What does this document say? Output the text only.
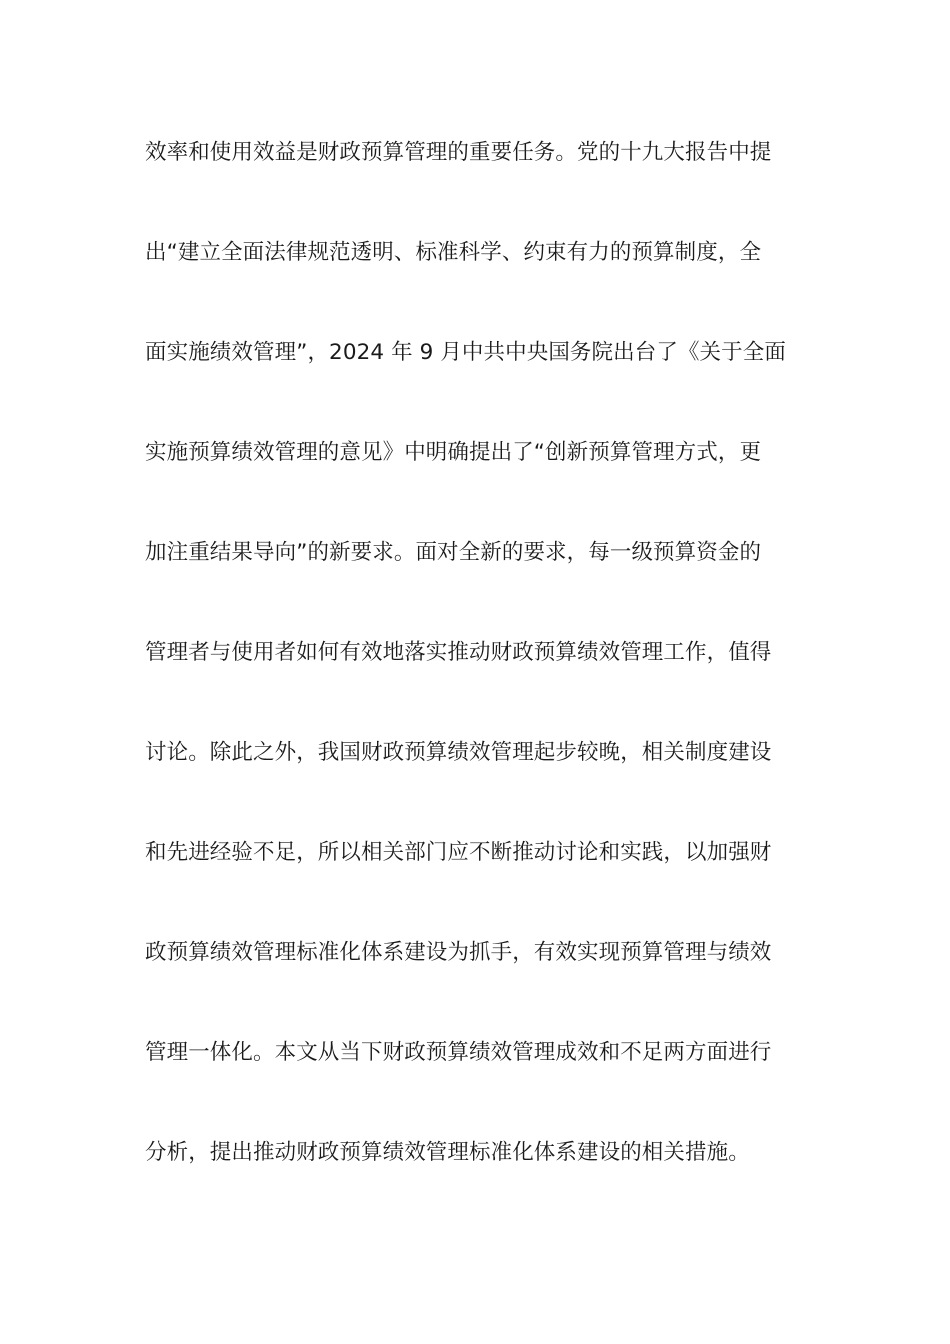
效率和使用效益是财政预算管理的重要任务。党的十九大报告中提
出“建立全面法律规范透明、标准科学、约束有力的预算制度，全
面实施绩效管理”，2024 年 9 月中共中央国务院出台了《关于全面
实施预算绩效管理的意见》中明确提出了“创新预算管理方式，更
加注重结果导向”的新要求。面对全新的要求，每一级预算资金的
管理者与使用者如何有效地落实推动财政预算绩效管理工作，值得
讨论。除此之外，我国财政预算绩效管理起步较晚，相关制度建设
和先进经验不足，所以相关部门应不断推动讨论和实践，以加强财
政预算绩效管理标准化体系建设为抓手，有效实现预算管理与绩效
管理一体化。本文从当下财政预算绩效管理成效和不足两方面进行
分析，提出推动财政预算绩效管理标准化体系建设的相关措施。
